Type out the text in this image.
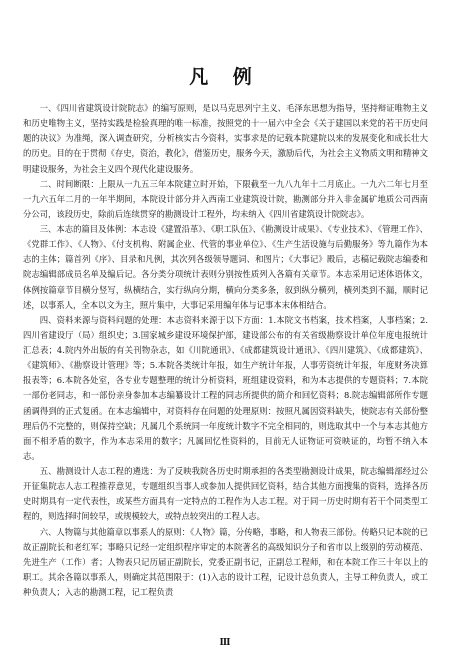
凡 例

一、《四川省建筑设计院院志》的编写原则，是以马克思列宁主义、毛泽东思想为指导，坚持辩证唯物主义和历史唯物主义，坚持实践是检验真理的唯一标准，按照党的十一届六中全会《关于建国以来党的若干历史问题的决议》为准绳，深入调查研究，分析核实古今资料，实事求是的记载本院建院以来的发展变化和成长壮大的历史。目的在于贯彻《存史，资治，教化》，借鉴历史，服务今天，激励后代，为社会主义物质文明和精神文明建设服务，为社会主义四个现代化建设服务。

二、时间断限：上限从一九五三年本院建立时开始，下限截至一九八九年十二月底止。一九六二年七月至一九六五年二月的一年半期间，本院设计部分并入西南工业建筑设计院，勘测部分并入非金属矿地质公司西南分公司，该段历史，除前后连续贯穿的勘测设计工程外，均未纳入《四川省建筑设计院院志》。

三、本志的篇目及体例：本志设《建置沿革》、《职工队伍》、《勘测设计成果》、《专业技术》、《管理工作》、《党群工作》、《人物》、《付支机构、附属企业、代管的事业单位》、《生产生活设施与后勤服务》等九篇作为本志的主体；篇首列《序》、目录和凡例，其次列各级领导题词、和图片；《大事记》殿后，志稿记载院志编委和院志编辑部成员名单及编后记。各分类分项统计表则分别按性质列入各篇有关章节。本志采用记述体语体文，体例按篇章节目横分竖写，纵横结合，实行纵向分期，横向分类多条，叙到纵分横列，横列类到不漏，顺时记述，以事系人，全本以文为主，照片集中，大事记采用编年体与记事本末体相结合。

四、资料来源与资料问题的处理：本志资料来源于以下方面：1.本院文书档案，技术档案，人事档案；2.四川省建设厅（局）组织史；3.国家城乡建设环境保护部，建设部公布的有关省级勘察设计单位年度电报统计汇总表；4.院内外出版的有关刊物杂志，如《川院通讯》、《成都建筑设计通讯》、《四川建筑》、《成都建筑》、《建筑师》、《勘察设计管理》等；5.本院各类统计年报，如生产统计年报，人事劳资统计年报，年度财务决算报表等；6.本院各处室，各专业专题整理的统计分析资料，班组建设资料，和为本志提供的专题资料；7.本院一部份老同志，和一部份亲身参加本志编纂设计工程的同志所提供的简介和回忆资料；8.院志编辑部所作专题函调得到的正式复函。在本志编辑中，对资料存在问题的处理原则：按照凡属因资料缺失，使院志有关部份整理后仍不完整的，则保持空缺；凡属几个系统同一年度统计数字不完全相同的，则选取其中一个与本志其他方面不相矛盾的数字，作为本志采用的数字；凡属回忆性资料的，目前无人证物证可资映证的，均暂不纳入本志。

五、勘测设计人志工程的遴选：为了反映我院各历史时期承担的各类型勘测设计成果，院志编辑部经过公开征集院志人志工程推荐意见，专题组织当事人或参加人提供回忆资料，结合其他方面搜集的资料，选择各历史时期具有一定代表性，或某些方面具有一定特点的工程作为人志工程。对于同一历史时期有若干个同类型工程的，则选择时间较早，或规模较大，或特点较突出的工程人志。

六、人物篇与其他篇章以事系人的原则：《人物》篇，分传略，事略，和人物表三部份。传略只记本院的已故正副院长和老红军；事略只记经一定组织程序审定的本院著名的高级知识分子和省市以上级别的劳动模范、先进生产（工作）者；人物表只记历届正副院长，党委正副书记，正副总工程师，和在本院工作三十年以上的职工。其余各篇以事系人，则确定其范围限于：(1)入志的设计工程，记设计总负责人，主导工种负责人，或工种负责人；入志的勘测工程，记工程负责

Ⅲ
